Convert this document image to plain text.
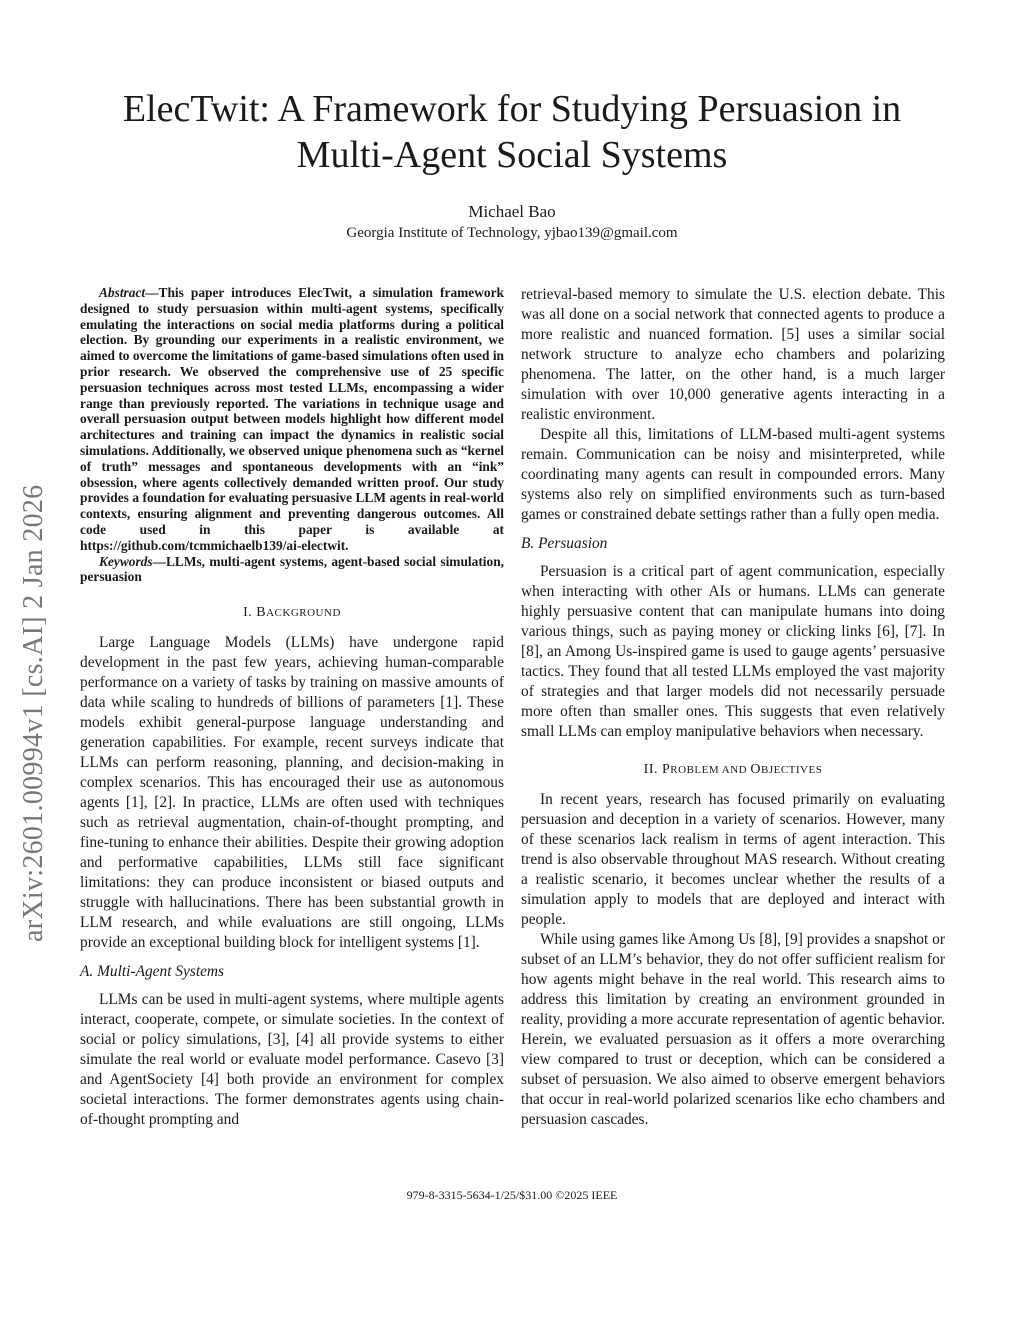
ElecTwit: A Framework for Studying Persuasion in
Multi-Agent Social Systems
Michael Bao
Georgia Institute of Technology, yjbao139@gmail.com
arXiv:2601.00994v1 [cs.AI] 2 Jan 2026

Abstract—This paper introduces ElecTwit, a simulation framework designed to study persuasion within multi-agent systems, specifically emulating the interactions on social media platforms during a political election. By grounding our experiments in a realistic environment, we aimed to overcome the limitations of game-based simulations often used in prior research. We observed the comprehensive use of 25 specific persuasion techniques across most tested LLMs, encompassing a wider range than previously reported. The variations in technique usage and overall persuasion output between models highlight how different model architectures and training can impact the dynamics in realistic social simulations. Additionally, we observed unique phenomena such as “kernel of truth” messages and spontaneous developments with an “ink” obsession, where agents collectively demanded written proof. Our study provides a foundation for evaluating persuasive LLM agents in real-world contexts, ensuring alignment and preventing dangerous outcomes. All code used in this paper is available at https://github.com/tcmmichaelb139/ai-electwit.

Keywords—LLMs, multi-agent systems, agent-based social simulation, persuasion

I. BACKGROUND

Large Language Models (LLMs) have undergone rapid development in the past few years, achieving human-comparable performance on a variety of tasks by training on massive amounts of data while scaling to hundreds of billions of parameters [1]. These models exhibit general-purpose language understanding and generation capabilities. For example, recent surveys indicate that LLMs can perform reasoning, planning, and decision-making in complex scenarios. This has encouraged their use as autonomous agents [1], [2]. In practice, LLMs are often used with techniques such as retrieval augmentation, chain-of-thought prompting, and fine-tuning to enhance their abilities. Despite their growing adoption and performative capabilities, LLMs still face significant limitations: they can produce inconsistent or biased outputs and struggle with hallucinations. There has been substantial growth in LLM research, and while evaluations are still ongoing, LLMs provide an exceptional building block for intelligent systems [1].

A. Multi-Agent Systems

LLMs can be used in multi-agent systems, where multiple agents interact, cooperate, compete, or simulate societies. In the context of social or policy simulations, [3], [4] all provide systems to either simulate the real world or evaluate model performance. Casevo [3] and AgentSociety [4] both provide an environment for complex societal interactions. The former demonstrates agents using chain-of-thought prompting and

retrieval-based memory to simulate the U.S. election debate. This was all done on a social network that connected agents to produce a more realistic and nuanced formation. [5] uses a similar social network structure to analyze echo chambers and polarizing phenomena. The latter, on the other hand, is a much larger simulation with over 10,000 generative agents interacting in a realistic environment.

Despite all this, limitations of LLM-based multi-agent systems remain. Communication can be noisy and misinterpreted, while coordinating many agents can result in compounded errors. Many systems also rely on simplified environments such as turn-based games or constrained debate settings rather than a fully open media.

B. Persuasion

Persuasion is a critical part of agent communication, especially when interacting with other AIs or humans. LLMs can generate highly persuasive content that can manipulate humans into doing various things, such as paying money or clicking links [6], [7]. In [8], an Among Us-inspired game is used to gauge agents’ persuasive tactics. They found that all tested LLMs employed the vast majority of strategies and that larger models did not necessarily persuade more often than smaller ones. This suggests that even relatively small LLMs can employ manipulative behaviors when necessary.

II. PROBLEM AND OBJECTIVES

In recent years, research has focused primarily on evaluating persuasion and deception in a variety of scenarios. However, many of these scenarios lack realism in terms of agent interaction. This trend is also observable throughout MAS research. Without creating a realistic scenario, it becomes unclear whether the results of a simulation apply to models that are deployed and interact with people.

While using games like Among Us [8], [9] provides a snapshot or subset of an LLM’s behavior, they do not offer sufficient realism for how agents might behave in the real world. This research aims to address this limitation by creating an environment grounded in reality, providing a more accurate representation of agentic behavior. Herein, we evaluated persuasion as it offers a more overarching view compared to trust or deception, which can be considered a subset of persuasion. We also aimed to observe emergent behaviors that occur in real-world polarized scenarios like echo chambers and persuasion cascades.

979-8-3315-5634-1/25/$31.00 ©2025 IEEE
